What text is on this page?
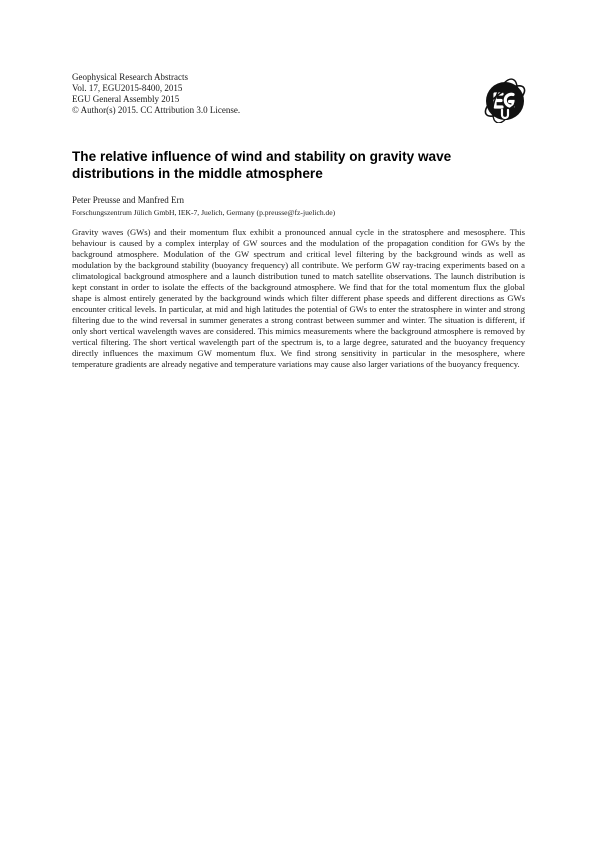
Geophysical Research Abstracts
Vol. 17, EGU2015-8400, 2015
EGU General Assembly 2015
© Author(s) 2015. CC Attribution 3.0 License.
The relative influence of wind and stability on gravity wave distributions in the middle atmosphere
Peter Preusse and Manfred Ern
Forschungszentrum Jülich GmbH, IEK-7, Juelich, Germany (p.preusse@fz-juelich.de)

Gravity waves (GWs) and their momentum flux exhibit a pronounced annual cycle in the stratosphere and mesosphere. This behaviour is caused by a complex interplay of GW sources and the modulation of the propagation condition for GWs by the background atmosphere. Modulation of the GW spectrum and critical level filtering by the background winds as well as modulation by the background stability (buoyancy frequency) all contribute. We perform GW ray-tracing experiments based on a climatological background atmosphere and a launch distribution tuned to match satellite observations. The launch distribution is kept constant in order to isolate the effects of the background atmosphere. We find that for the total momentum flux the global shape is almost entirely generated by the background winds which filter different phase speeds and different directions as GWs encounter critical levels. In particular, at mid and high latitudes the potential of GWs to enter the stratosphere in winter and strong filtering due to the wind reversal in summer generates a strong contrast between summer and winter. The situation is different, if only short vertical wavelength waves are considered. This mimics measurements where the background atmosphere is removed by vertical filtering. The short vertical wavelength part of the spectrum is, to a large degree, saturated and the buoyancy frequency directly influences the maximum GW momentum flux. We find strong sensitivity in particular in the mesosphere, where temperature gradients are already negative and temperature variations may cause also larger variations of the buoyancy frequency.
